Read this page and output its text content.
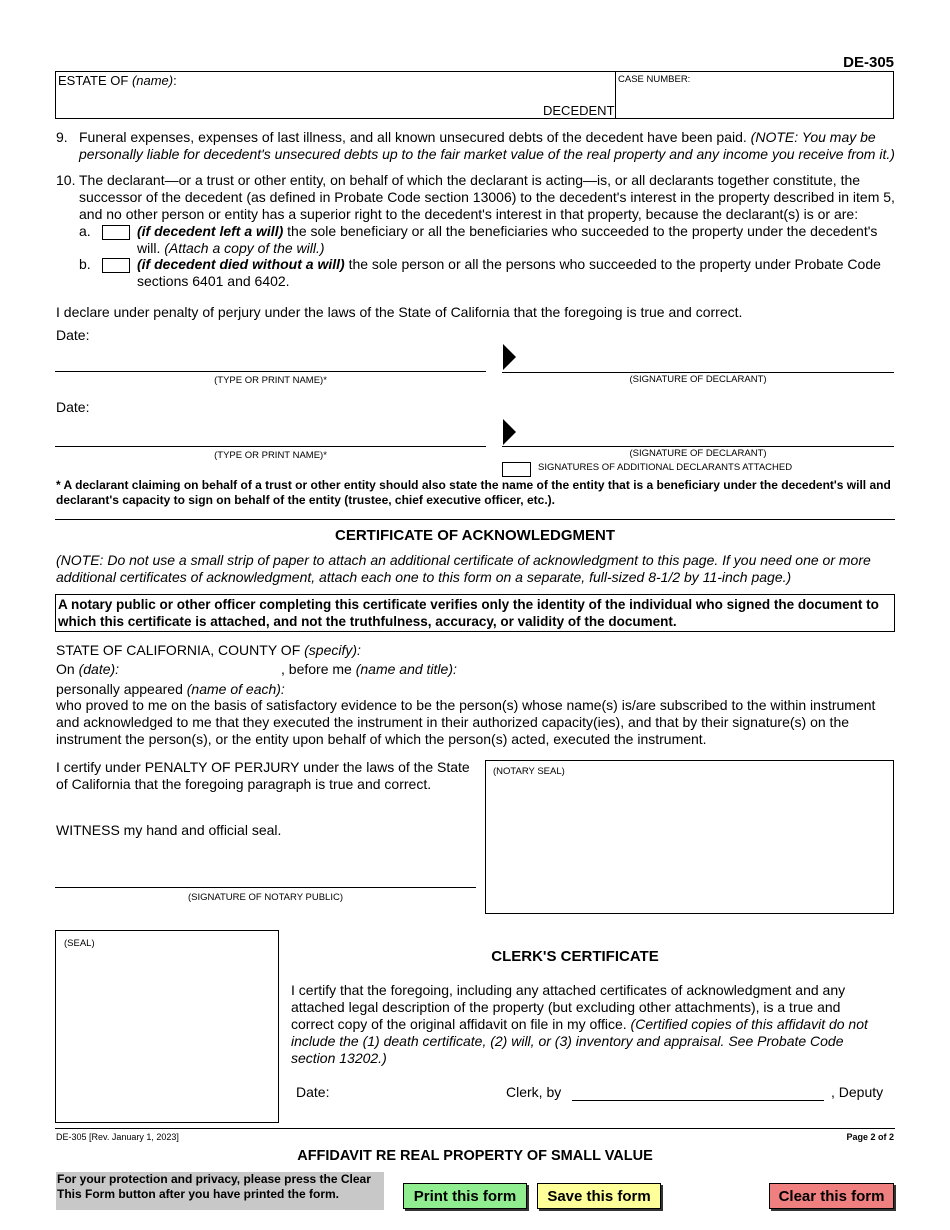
DE-305
ESTATE OF (name):
DECEDENT
CASE NUMBER:
9. Funeral expenses, expenses of last illness, and all known unsecured debts of the decedent have been paid. (NOTE: You may be personally liable for decedent's unsecured debts up to the fair market value of the real property and any income you receive from it.)
10. The declarant—or a trust or other entity, on behalf of which the declarant is acting—is, or all declarants together constitute, the successor of the decedent (as defined in Probate Code section 13006) to the decedent's interest in the property described in item 5, and no other person or entity has a superior right to the decedent's interest in that property, because the declarant(s) is or are:
a.	(if decedent left a will) the sole beneficiary or all the beneficiaries who succeeded to the property under the decedent's will. (Attach a copy of the will.)
b.	(if decedent died without a will) the sole person or all the persons who succeeded to the property under Probate Code sections 6401 and 6402.
I declare under penalty of perjury under the laws of the State of California that the foregoing is true and correct.
Date:
(TYPE OR PRINT NAME)*	(SIGNATURE OF DECLARANT)
Date:
(TYPE OR PRINT NAME)*	(SIGNATURE OF DECLARANT)
SIGNATURES OF ADDITIONAL DECLARANTS ATTACHED
* A declarant claiming on behalf of a trust or other entity should also state the name of the entity that is a beneficiary under the decedent's will and declarant's capacity to sign on behalf of the entity (trustee, chief executive officer, etc.).
CERTIFICATE OF ACKNOWLEDGMENT
(NOTE: Do not use a small strip of paper to attach an additional certificate of acknowledgment to this page. If you need one or more additional certificates of acknowledgment, attach each one to this form on a separate, full-sized 8-1/2 by 11-inch page.)
A notary public or other officer completing this certificate verifies only the identity of the individual who signed the document to which this certificate is attached, and not the truthfulness, accuracy, or validity of the document.
STATE OF CALIFORNIA, COUNTY OF (specify):
On (date):	, before me (name and title):
personally appeared (name of each):
who proved to me on the basis of satisfactory evidence to be the person(s) whose name(s) is/are subscribed to the within instrument and acknowledged to me that they executed the instrument in their authorized capacity(ies), and that by their signature(s) on the instrument the person(s), or the entity upon behalf of which the person(s) acted, executed the instrument.
I certify under PENALTY OF PERJURY under the laws of the State of California that the foregoing paragraph is true and correct.
WITNESS my hand and official seal.
(SIGNATURE OF NOTARY PUBLIC)
(NOTARY SEAL)
(SEAL)
CLERK'S CERTIFICATE
I certify that the foregoing, including any attached certificates of acknowledgment and any attached legal description of the property (but excluding other attachments), is a true and correct copy of the original affidavit on file in my office. (Certified copies of this affidavit do not include the (1) death certificate, (2) will, or (3) inventory and appraisal. See Probate Code section 13202.)
Date:	Clerk, by	, Deputy
DE-305 [Rev. January 1, 2023]	Page 2 of 2
AFFIDAVIT RE REAL PROPERTY OF SMALL VALUE
For your protection and privacy, please press the Clear This Form button after you have printed the form.	Print this form	Save this form	Clear this form
